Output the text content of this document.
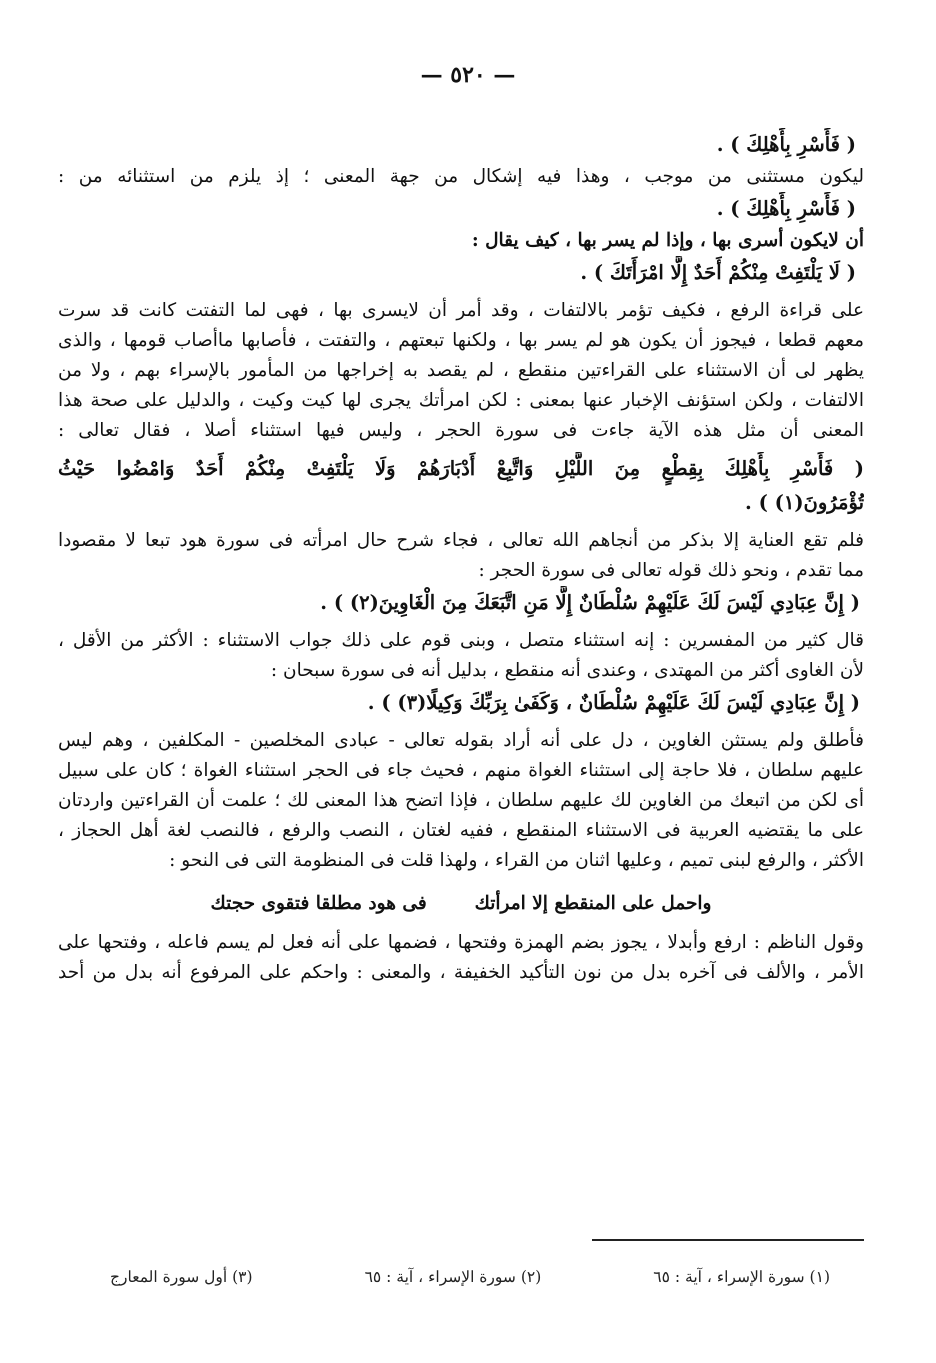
— ٥٢٠ —
( فَأَسْرِ بِأَهْلِكَ ) .
ليكون مستثنى من موجب ، وهذا فيه إشكال من جهة المعنى ؛ إذ يلزم من استثنائه من :
( فَأَسْرِ بِأَهْلِكَ ) .
أن لايكون أسرى بها ، وإذا لم يسر بها ، كيف يقال :
( لَا يَلْتَفِتْ مِنْكُمْ أَحَدٌ إِلَّا امْرَأَتَكَ ) .
على قراءة الرفع ، فكيف تؤمر بالالتفات ، وقد أمر أن لايسرى بها ، فهى لما التفتت كانت قد سرت
معهم قطعا ، فيجوز أن يكون هو لم يسر بها ، ولكنها تبعتهم ، والتفتت ، فأصابها ماأصاب قومها ، والذى
يظهر لى أن الاستثناء على القراءتين منقطع ، لم يقصد به إخراجها من المأمور بالإسراء بهم ، ولا من
الالتفات ، ولكن استؤنف الإخبار عنها بمعنى : لكن امرأتك يجرى لها كيت وكيت ، والدليل على صحة هذا
المعنى أن مثل هذه الآية جاءت فى سورة الحجر ، وليس فيها استثناء أصلا ، فقال تعالى :
( فَأَسْرِ بِأَهْلِكَ بِقِطْعٍ مِنَ اللَّيْلِ وَاتَّبِعْ أَدْبَارَهُمْ وَلَا يَلْتَفِتْ مِنْكُمْ أَحَدٌ وَامْضُوا حَيْثُ
تُؤْمَرُونَ(١) ) .
فلم تقع العناية إلا بذكر من أنجاهم الله تعالى ، فجاء شرح حال امرأته فى سورة هود تبعا لا مقصودا
مما تقدم ، ونحو ذلك قوله تعالى فى سورة الحجر :
( إِنَّ عِبَادِي لَيْسَ لَكَ عَلَيْهِمْ سُلْطَانٌ إِلَّا مَنِ اتَّبَعَكَ مِنَ الْغَاوِينَ(٢) ) .
قال كثير من المفسرين : إنه استثناء متصل ، وبنى قوم على ذلك جواب الاستثناء : الأكثر من الأقل ،
لأن الغاوى أكثر من المهتدى ، وعندى أنه منقطع ، بدليل أنه فى سورة سبحان :
( إِنَّ عِبَادِي لَيْسَ لَكَ عَلَيْهِمْ سُلْطَانٌ ، وَكَفَىٰ بِرَبِّكَ وَكِيلًا(٣) ) .
فأطلق ولم يستثن الغاوين ، دل على أنه أراد بقوله تعالى - عبادى المخلصين - المكلفين ، وهم ليس
عليهم سلطان ، فلا حاجة إلى استثناء الغواة منهم ، فحيث جاء فى الحجر استثناء الغواة ؛ كان على سبيل
أى لكن من اتبعك من الغاوين لك عليهم سلطان ، فإذا اتضح هذا المعنى لك ؛ علمت أن القراءتين واردتان
على ما يقتضيه العربية فى الاستثناء المنقطع ، ففيه لغتان ، النصب والرفع ، فالنصب لغة أهل الحجاز ،
الأكثر ، والرفع لبنى تميم ، وعليها اثنان من القراء ، ولهذا قلت فى المنظومة التى فى النحو :
واحمل على المنقطع إلا امرأتك
فى هود مطلقا فتقوى حجتك
وقول الناظم : ارفع وأبدلا ، يجوز بضم الهمزة وفتحها ، فضمها على أنه فعل لم يسم فاعله ، وفتحها على
الأمر ، والألف فى آخره بدل من نون التأكيد الخفيفة ، والمعنى : واحكم على المرفوع أنه بدل من أحد
(١) سورة الإسراء ، آية : ٦٥
(٢) سورة الإسراء ، آية : ٦٥
(٣) أول سورة المعارج
